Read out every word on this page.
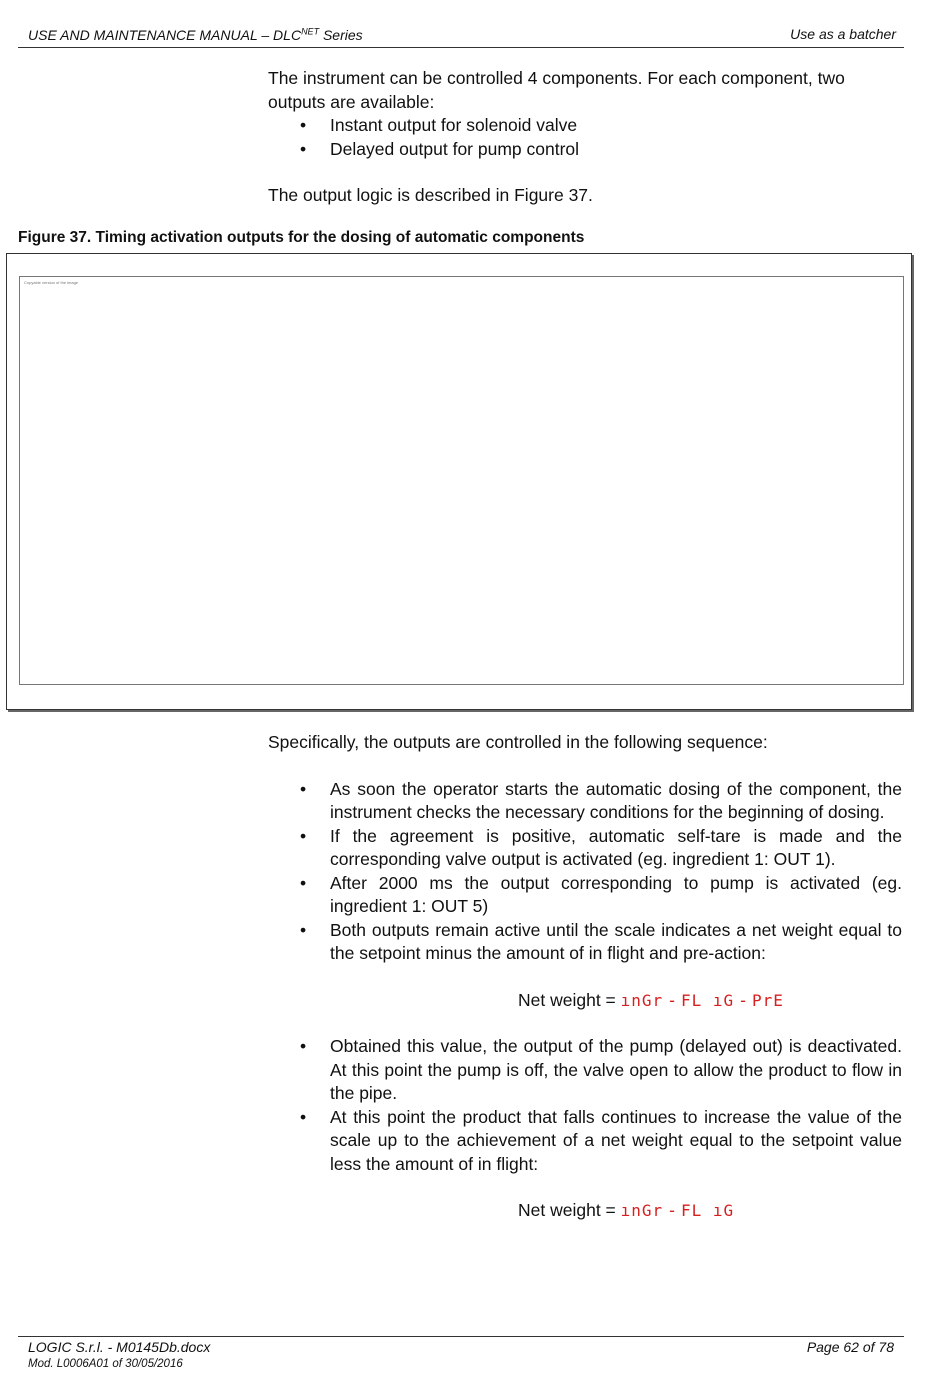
USE AND MAINTENANCE MANUAL – $DLC^{NET}$ Series	Use as a batcher
The instrument can be controlled 4 components. For each component, two outputs are available:
• Instant output for solenoid valve
• Delayed output for pump control
The output logic is described in Figure 37.
Figure 37. Timing activation outputs for the dosing of automatic components
Copyable version of the image
Specifically, the outputs are controlled in the following sequence:
• As soon the operator starts the automatic dosing of the component, the instrument checks the necessary conditions for the beginning of dosing.
• If the agreement is positive, automatic self-tare is made and the corresponding valve output is activated (eg. ingredient 1: OUT 1).
• After 2000 ms the output corresponding to pump is activated (eg. ingredient 1: OUT 5)
• Both outputs remain active until the scale indicates a net weight equal to the setpoint minus the amount of in flight and pre-action:
Net weight = ınGr - FL ıG - PrE
• Obtained this value, the output of the pump (delayed out) is deactivated. At this point the pump is off, the valve open to allow the product to flow in the pipe.
• At this point the product that falls continues to increase the value of the scale up to the achievement of a net weight equal to the setpoint value less the amount of in flight:
Net weight = ınGr - FL ıG
LOGIC S.r.l. - M0145Db.docx	Page 62 of 78
Mod. L0006A01 of 30/05/2016
